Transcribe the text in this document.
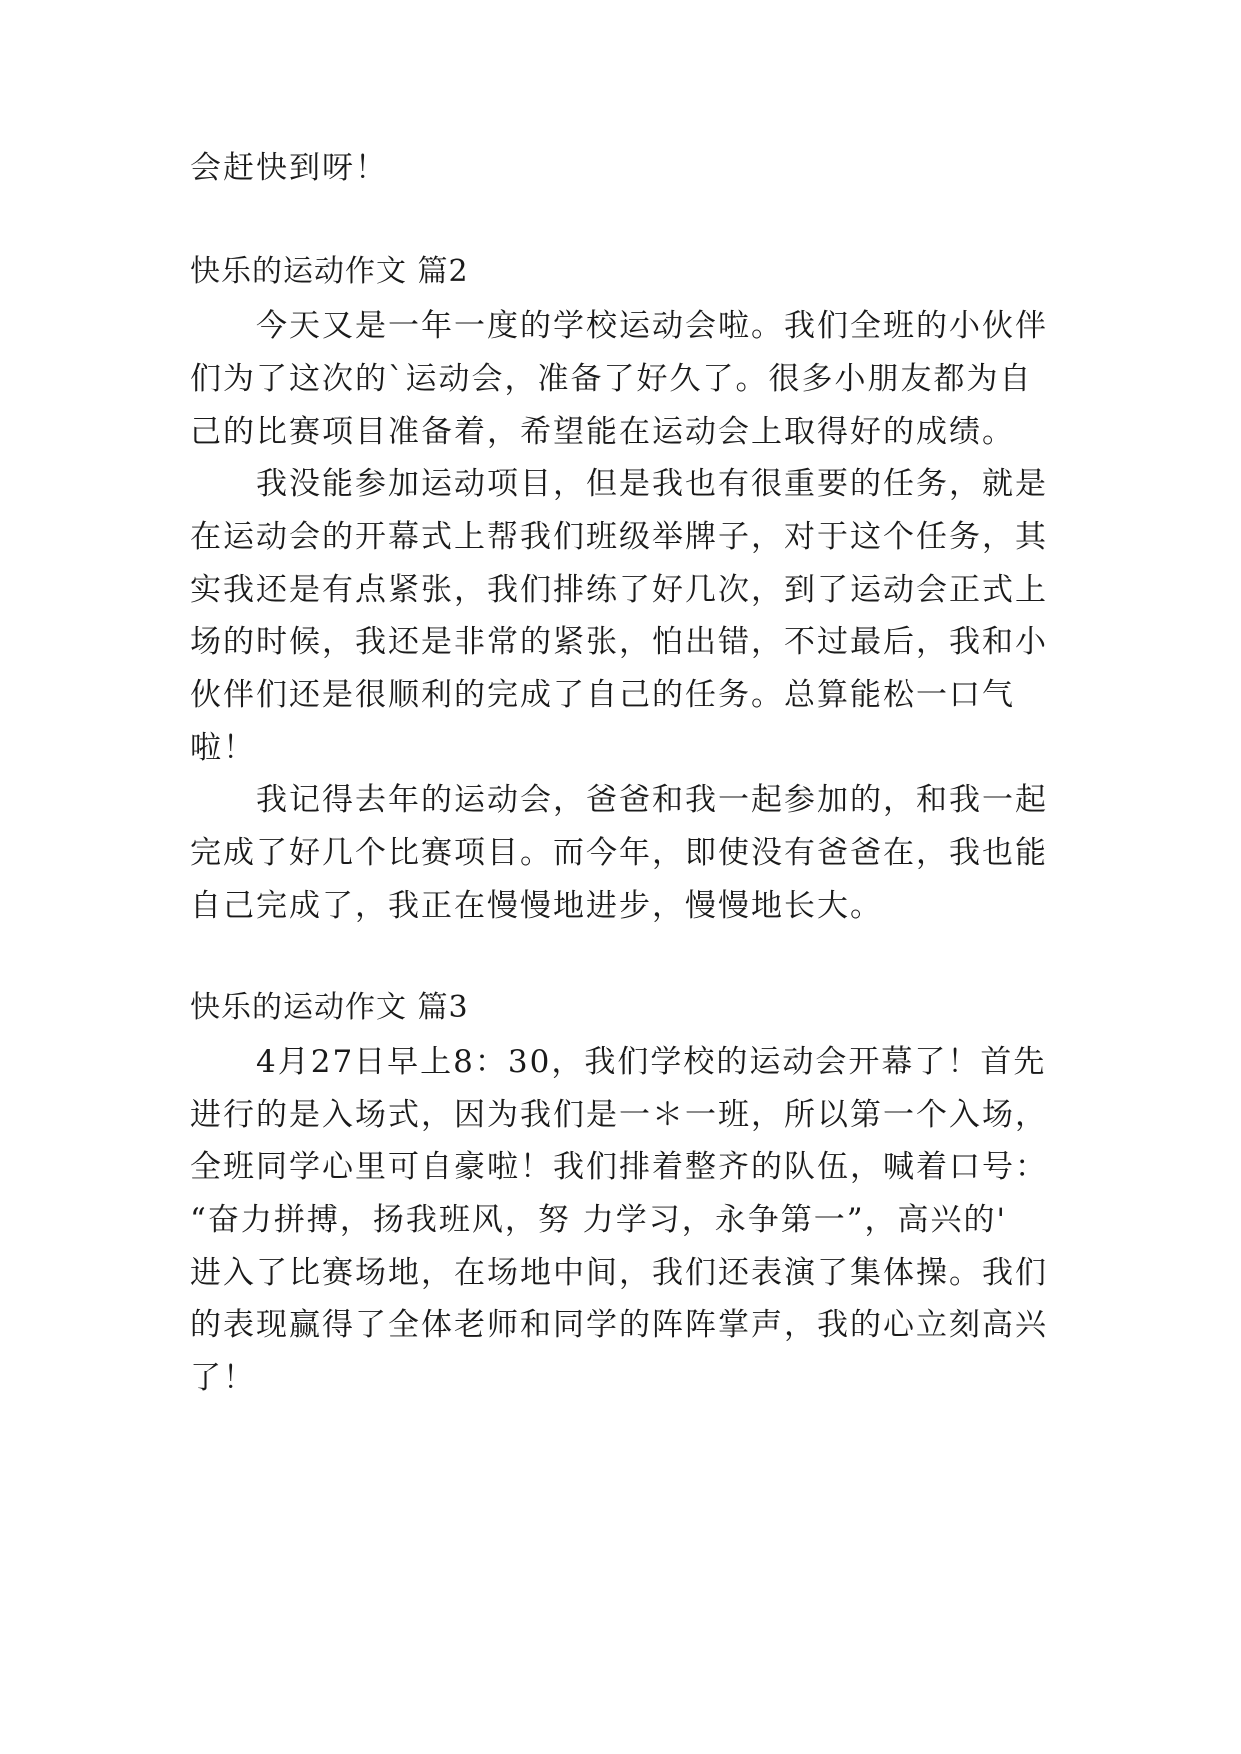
会赶快到呀！
快乐的运动作文 篇2
今天又是一年一度的学校运动会啦。我们全班的小伙伴
们为了这次的`运动会，准备了好久了。很多小朋友都为自
己的比赛项目准备着，希望能在运动会上取得好的成绩。
我没能参加运动项目，但是我也有很重要的任务，就是
在运动会的开幕式上帮我们班级举牌子，对于这个任务，其
实我还是有点紧张，我们排练了好几次，到了运动会正式上
场的时候，我还是非常的紧张，怕出错，不过最后，我和小
伙伴们还是很顺利的完成了自己的任务。总算能松一口气
啦！
我记得去年的运动会，爸爸和我一起参加的，和我一起
完成了好几个比赛项目。而今年，即使没有爸爸在，我也能
自己完成了，我正在慢慢地进步，慢慢地长大。
快乐的运动作文 篇3
4月27日早上8：30，我们学校的运动会开幕了！首先
进行的是入场式，因为我们是一＊一班，所以第一个入场，
全班同学心里可自豪啦！我们排着整齐的队伍，喊着口号：
“奋力拼搏，扬我班风，努 力学习，永争第一”，高兴的'
进入了比赛场地，在场地中间，我们还表演了集体操。我们
的表现赢得了全体老师和同学的阵阵掌声，我的心立刻高兴
了！
